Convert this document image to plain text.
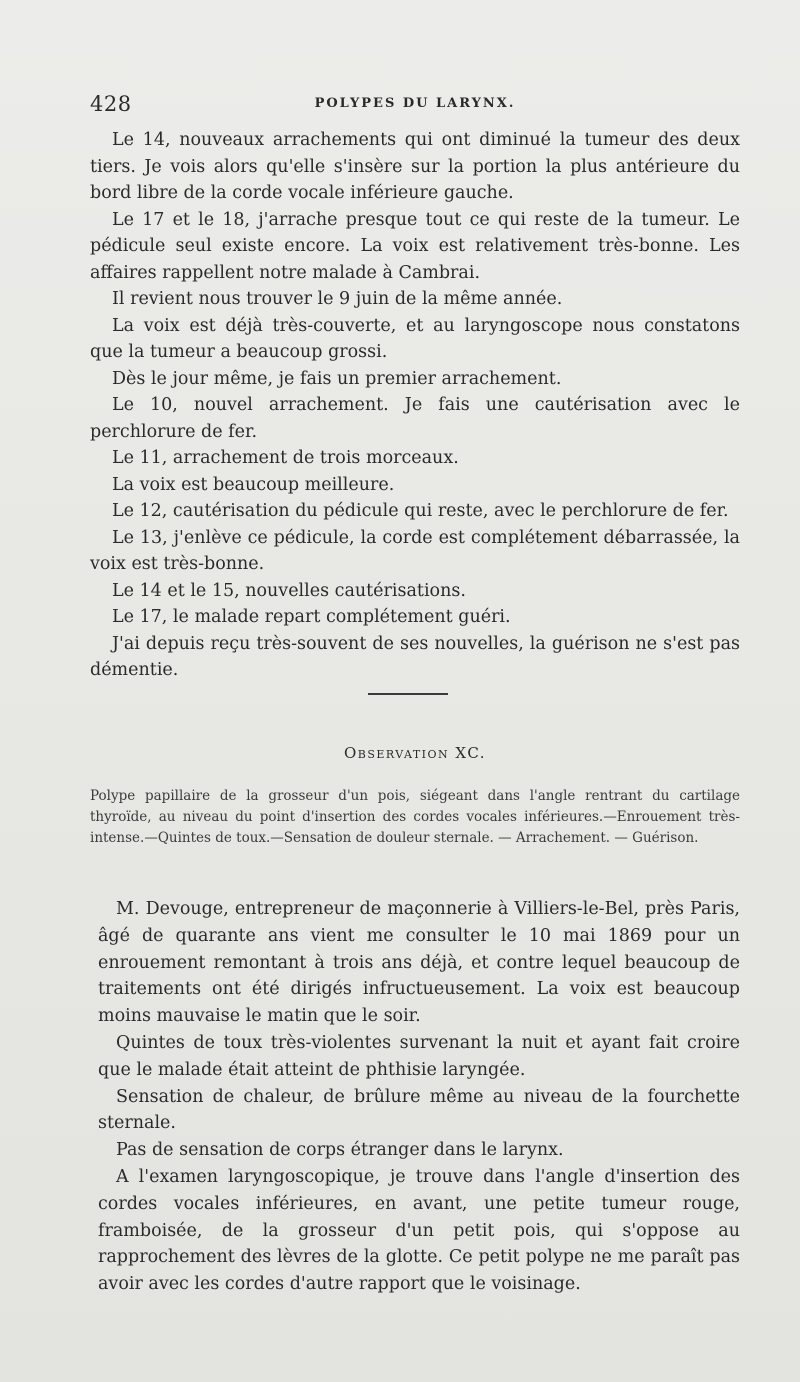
428	POLYPES DU LARYNX.

Le 14, nouveaux arrachements qui ont diminué la tumeur des deux tiers. Je vois alors qu'elle s'insère sur la portion la plus antérieure du bord libre de la corde vocale inférieure gauche.

Le 17 et le 18, j'arrache presque tout ce qui reste de la tumeur. Le pédicule seul existe encore. La voix est relativement très-bonne. Les affaires rappellent notre malade à Cambrai.

Il revient nous trouver le 9 juin de la même année.

La voix est déjà très-couverte, et au laryngoscope nous constatons que la tumeur a beaucoup grossi.

Dès le jour même, je fais un premier arrachement.

Le 10, nouvel arrachement. Je fais une cautérisation avec le perchlorure de fer.

Le 11, arrachement de trois morceaux.

La voix est beaucoup meilleure.

Le 12, cautérisation du pédicule qui reste, avec le perchlorure de fer.

Le 13, j'enlève ce pédicule, la corde est complétement débarrassée, la voix est très-bonne.

Le 14 et le 15, nouvelles cautérisations.

Le 17, le malade repart complétement guéri.

J'ai depuis reçu très-souvent de ses nouvelles, la guérison ne s'est pas démentie.

Observation XC.

Polype papillaire de la grosseur d'un pois, siégeant dans l'angle rentrant du cartilage thyroïde, au niveau du point d'insertion des cordes vocales inférieures.—Enrouement très-intense.—Quintes de toux.—Sensation de douleur sternale. — Arrachement. — Guérison.

M. Devouge, entrepreneur de maçonnerie à Villiers-le-Bel, près Paris, âgé de quarante ans vient me consulter le 10 mai 1869 pour un enrouement remontant à trois ans déjà, et contre lequel beaucoup de traitements ont été dirigés infructueusement. La voix est beaucoup moins mauvaise le matin que le soir.

Quintes de toux très-violentes survenant la nuit et ayant fait croire que le malade était atteint de phthisie laryngée.

Sensation de chaleur, de brûlure même au niveau de la fourchette sternale.

Pas de sensation de corps étranger dans le larynx.

A l'examen laryngoscopique, je trouve dans l'angle d'insertion des cordes vocales inférieures, en avant, une petite tumeur rouge, framboisée, de la grosseur d'un petit pois, qui s'oppose au rapprochement des lèvres de la glotte. Ce petit polype ne me paraît pas avoir avec les cordes d'autre rapport que le voisinage.
